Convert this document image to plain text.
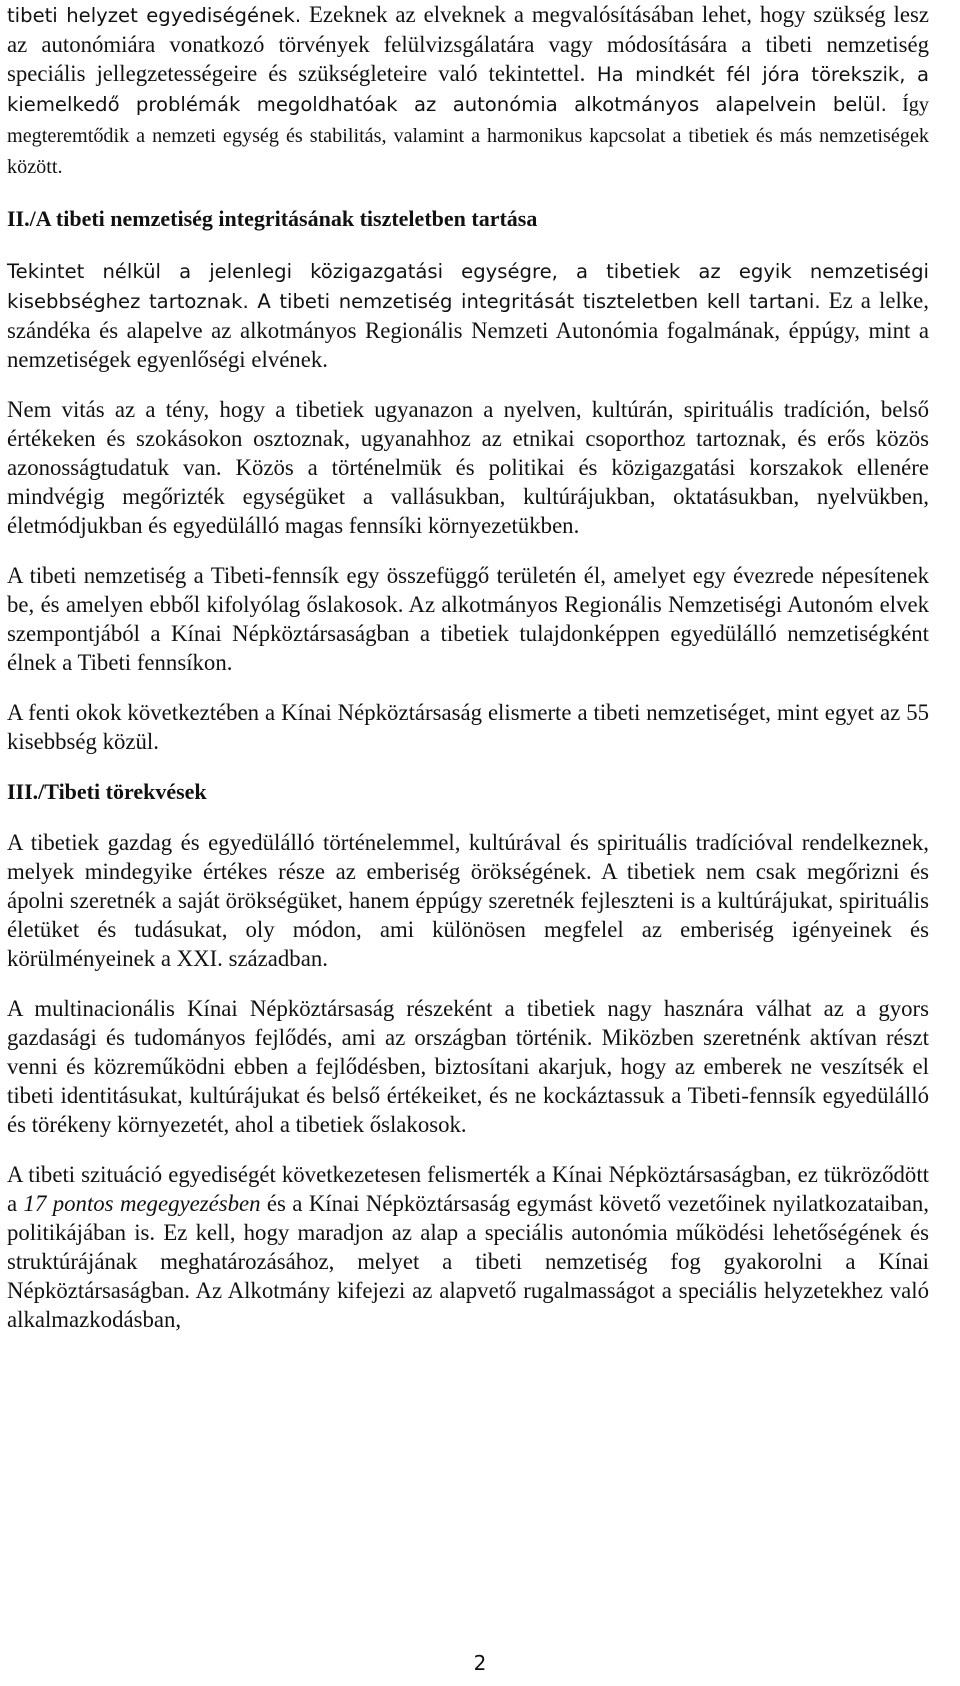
tibeti helyzet egyediségének. Ezeknek az elveknek a megvalósításában lehet, hogy szükség lesz az autonómiára vonatkozó törvények felülvizsgálatára vagy módosítására a tibeti nemzetiség speciális jellegzetességeire és szükségleteire való tekintettel. Ha mindkét fél jóra törekszik, a kiemelkedő problémák megoldhatóak az autonómia alkotmányos alapelvein belül. Így megteremtődik a nemzeti egység és stabilitás, valamint a harmonikus kapcsolat a tibetiek és más nemzetiségek között.

II./A tibeti nemzetiség integritásának tiszteletben tartása

Tekintet nélkül a jelenlegi közigazgatási egységre, a tibetiek az egyik nemzetiségi kisebbséghez tartoznak. A tibeti nemzetiség integritását tiszteletben kell tartani. Ez a lelke, szándéka és alapelve az alkotmányos Regionális Nemzeti Autonómia fogalmának, éppúgy, mint a nemzetiségek egyenlőségi elvének.

Nem vitás az a tény, hogy a tibetiek ugyanazon a nyelven, kultúrán, spirituális tradíción, belső értékeken és szokásokon osztoznak, ugyanahhoz az etnikai csoporthoz tartoznak, és erős közös azonosságtudatuk van. Közös a történelmük és politikai és közigazgatási korszakok ellenére mindvégig megőrizték egységüket a vallásukban, kultúrájukban, oktatásukban, nyelvükben, életmódjukban és egyedülálló magas fennsíki környezetükben.

A tibeti nemzetiség a Tibeti-fennsík egy összefüggő területén él, amelyet egy évezrede népesítenek be, és amelyen ebből kifolyólag őslakosok. Az alkotmányos Regionális Nemzetiségi Autonóm elvek szempontjából a Kínai Népköztársaságban a tibetiek tulajdonképpen egyedülálló nemzetiségként élnek a Tibeti fennsíkon.

A fenti okok következtében a Kínai Népköztársaság elismerte a tibeti nemzetiséget, mint egyet az 55 kisebbség közül.

III./Tibeti törekvések

A tibetiek gazdag és egyedülálló történelemmel, kultúrával és spirituális tradícióval rendelkeznek, melyek mindegyike értékes része az emberiség örökségének. A tibetiek nem csak megőrizni és ápolni szeretnék a saját örökségüket, hanem éppúgy szeretnék fejleszteni is a kultúrájukat, spirituális életüket és tudásukat, oly módon, ami különösen megfelel az emberiség igényeinek és körülményeinek a XXI. században.

A multinacionális Kínai Népköztársaság részeként a tibetiek nagy hasznára válhat az a gyors gazdasági és tudományos fejlődés, ami az országban történik. Miközben szeretnénk aktívan részt venni és közreműködni ebben a fejlődésben, biztosítani akarjuk, hogy az emberek ne veszítsék el tibeti identitásukat, kultúrájukat és belső értékeiket, és ne kockáztassuk a Tibeti-fennsík egyedülálló és törékeny környezetét, ahol a tibetiek őslakosok.

A tibeti szituáció egyediségét következetesen felismerték a Kínai Népköztársaságban, ez tükröződött a 17 pontos megegyezésben és a Kínai Népköztársaság egymást követő vezetőinek nyilatkozataiban, politikájában is. Ez kell, hogy maradjon az alap a speciális autonómia működési lehetőségének és struktúrájának meghatározásához, melyet a tibeti nemzetiség fog gyakorolni a Kínai Népköztársaságban. Az Alkotmány kifejezi az alapvető rugalmasságot a speciális helyzetekhez való alkalmazkodásban,

2
